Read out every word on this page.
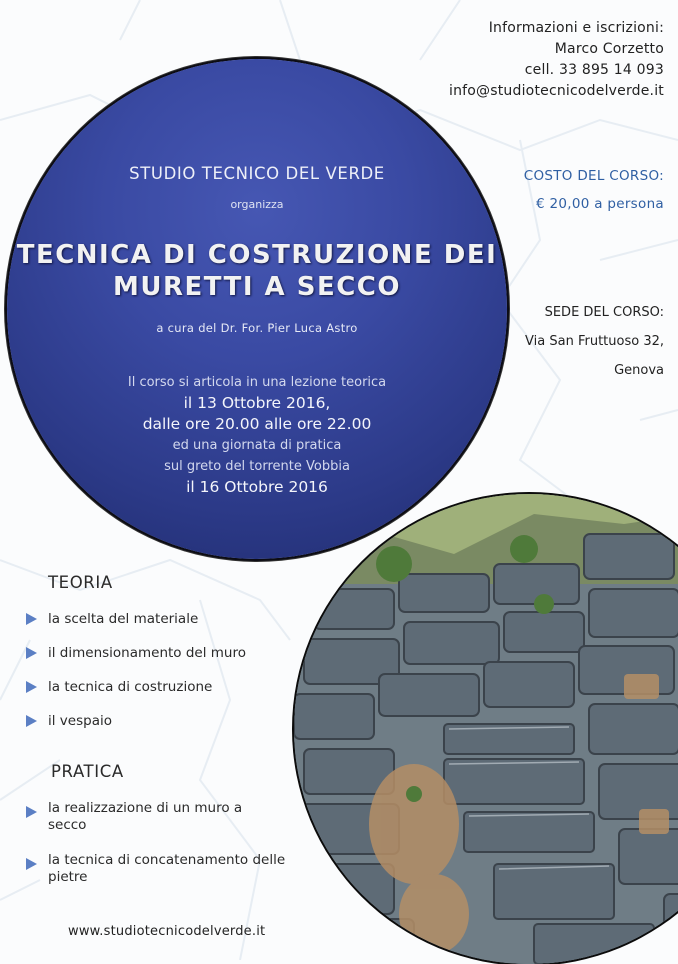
Informazioni e iscrizioni:
Marco Corzetto
cell. 33 895 14 093
info@studiotecnicodelverde.it
COSTO DEL CORSO:
€ 20,00 a persona
SEDE DEL CORSO:
Via San Fruttuoso 32,
Genova
STUDIO TECNICO DEL VERDE
organizza
TECNICA DI COSTRUZIONE DEI
MURETTI A SECCO
a cura del Dr. For. Pier Luca Astro
Il corso si articola in una lezione teorica
il 13 Ottobre 2016,
dalle ore 20.00 alle ore 22.00
ed una giornata di pratica
sul greto del torrente Vobbia
il 16 Ottobre 2016
TEORIA
la scelta del materiale
il dimensionamento del muro
la tecnica di costruzione
il vespaio
PRATICA
la realizzazione di un muro a secco
la tecnica di concatenamento delle pietre
www.studiotecnicodelverde.it
